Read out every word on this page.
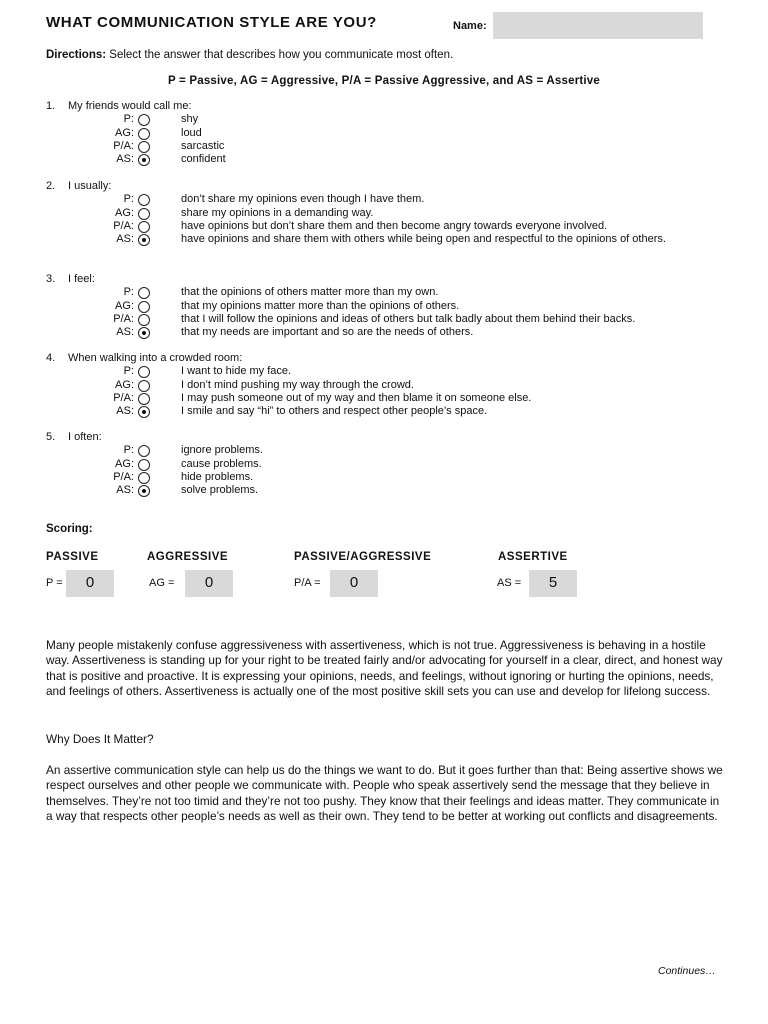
WHAT COMMUNICATION STYLE ARE YOU?	Name:
Directions: Select the answer that describes how you communicate most often.
P = Passive, AG = Aggressive, P/A = Passive Aggressive, and AS = Assertive
1. My friends would call me:
P:	shy
AG:	loud
P/A:	sarcastic
AS:	confident
2. I usually:
P:	don’t share my opinions even though I have them.
AG:	share my opinions in a demanding way.
P/A:	have opinions but don’t share them and then become angry towards everyone involved.
AS:	have opinions and share them with others while being open and respectful to the opinions of others.
3. I feel:
P:	that the opinions of others matter more than my own.
AG:	that my opinions matter more than the opinions of others.
P/A:	that I will follow the opinions and ideas of others but talk badly about them behind their backs.
AS:	that my needs are important and so are the needs of others.
4. When walking into a crowded room:
P:	I want to hide my face.
AG:	I don’t mind pushing my way through the crowd.
P/A:	I may push someone out of my way and then blame it on someone else.
AS:	I smile and say “hi” to others and respect other people’s space.
5. I often:
P:	ignore problems.
AG:	cause problems.
P/A:	hide problems.
AS:	solve problems.
Scoring:
PASSIVE	AGGRESSIVE	PASSIVE/AGGRESSIVE	ASSERTIVE
P =	0	AG =	0	P/A =	0	AS =	5
Many people mistakenly confuse aggressiveness with assertiveness, which is not true. Aggressiveness is behaving in a hostile way. Assertiveness is standing up for your right to be treated fairly and/or advocating for yourself in a clear, direct, and honest way that is positive and proactive. It is expressing your opinions, needs, and feelings, without ignoring or hurting the opinions, needs, and feelings of others. Assertiveness is actually one of the most positive skill sets you can use and develop for lifelong success.
Why Does It Matter?
An assertive communication style can help us do the things we want to do. But it goes further than that: Being assertive shows we respect ourselves and other people we communicate with. People who speak assertively send the message that they believe in themselves. They’re not too timid and they’re not too pushy. They know that their feelings and ideas matter. They communicate in a way that respects other people’s needs as well as their own. They tend to be better at working out conflicts and disagreements.
Continues…
